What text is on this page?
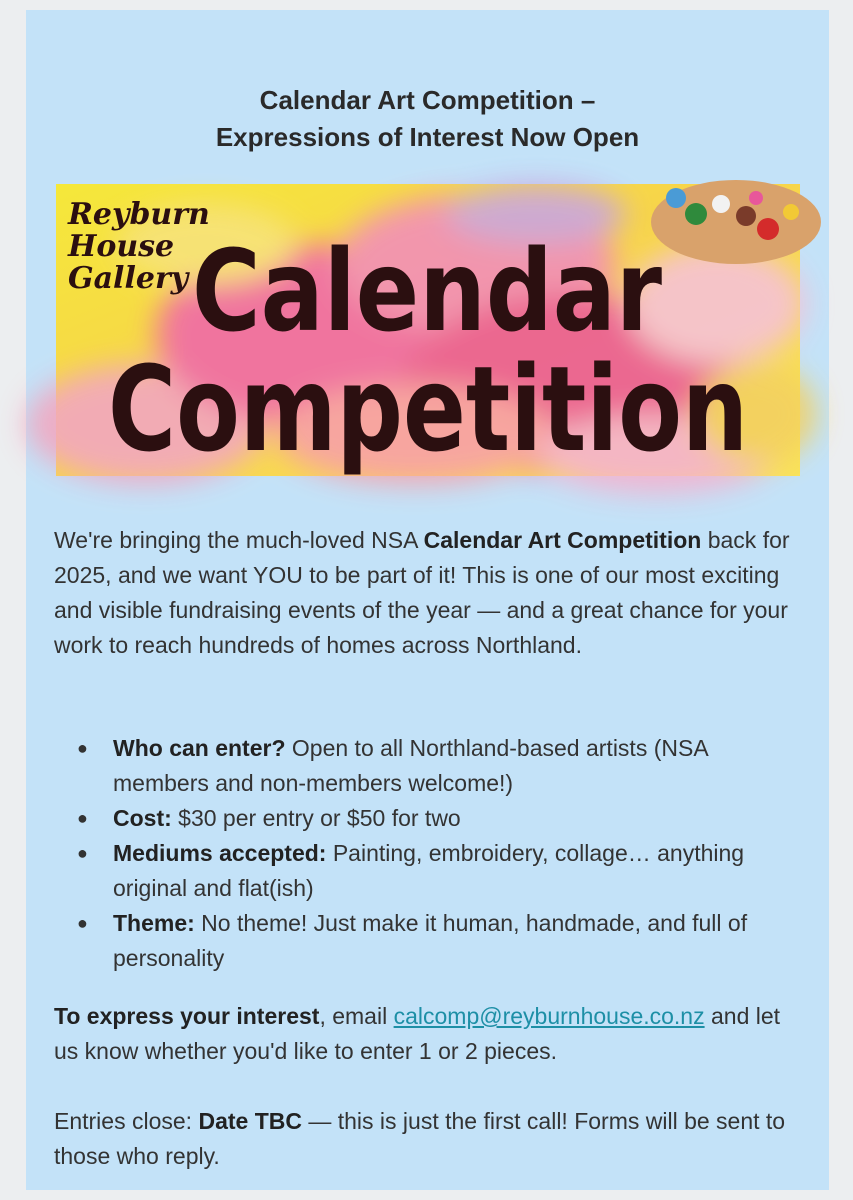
Calendar Art Competition –
Expressions of Interest Now Open
Reyburn
House
Gallery Calendar
Competition

We're bringing the much-loved NSA Calendar Art Competition back for 2025, and we want YOU to be part of it! This is one of our most exciting and visible fundraising events of the year — and a great chance for your work to reach hundreds of homes across Northland.

● Who can enter? Open to all Northland-based artists (NSA members and non-members welcome!)
● Cost: $30 per entry or $50 for two
● Mediums accepted: Painting, embroidery, collage… anything original and flat(ish)
● Theme: No theme! Just make it human, handmade, and full of personality

To express your interest, email calcomp@reyburnhouse.co.nz and let us know whether you'd like to enter 1 or 2 pieces.

Entries close: Date TBC — this is just the first call! Forms will be sent to those who reply.
